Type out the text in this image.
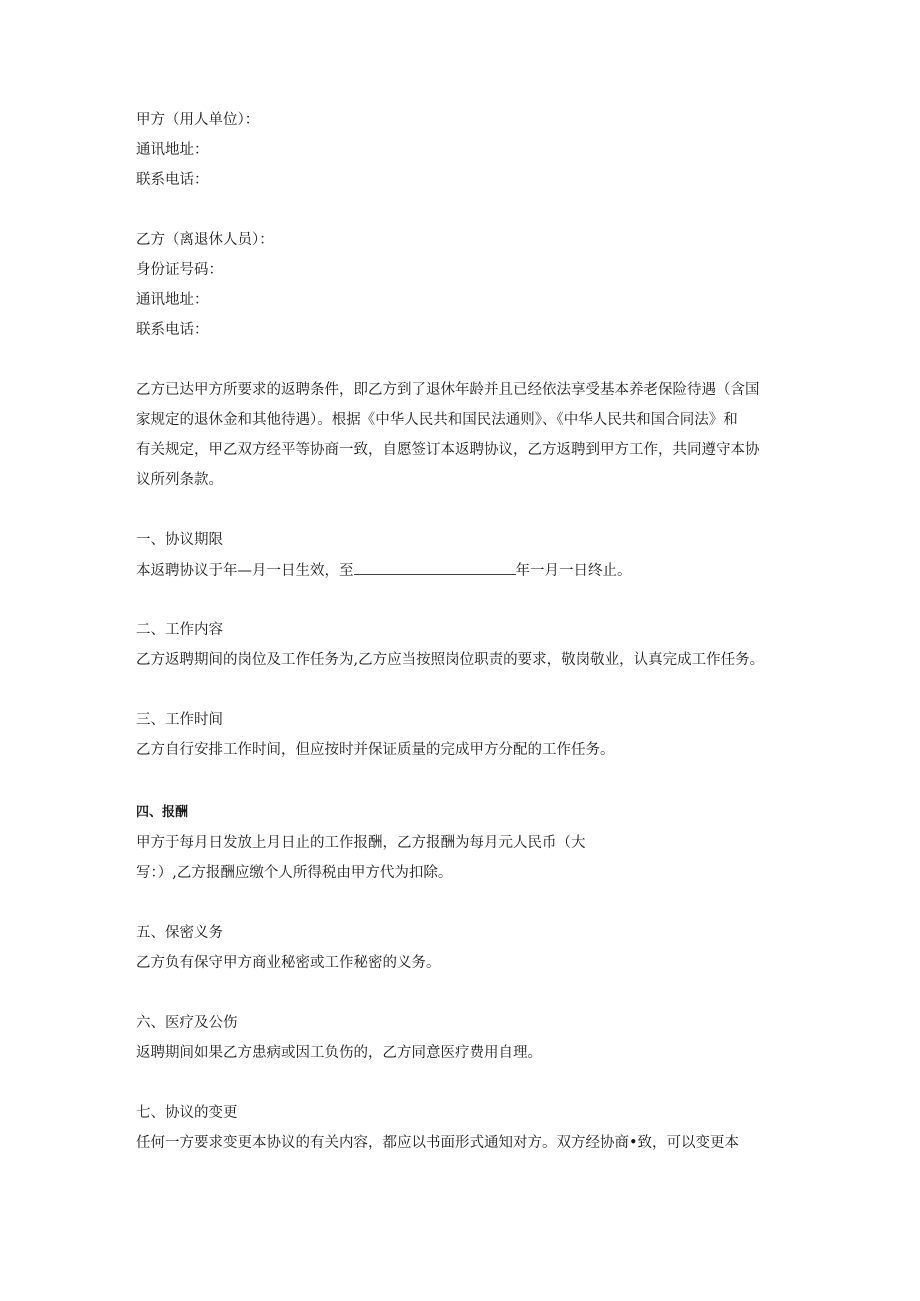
甲方（用人单位）：
通讯地址：
联系电话：
乙方（离退休人员）：
身份证号码：
通讯地址：
联系电话：
乙方已达甲方所要求的返聘条件，即乙方到了退休年龄并且已经依法享受基本养老保险待遇（含国
家规定的退休金和其他待遇）。根据《中华人民共和国民法通则》、《中华人民共和国合同法》和
有关规定，甲乙双方经平等协商一致，自愿签订本返聘协议，乙方返聘到甲方工作，共同遵守本协
议所列条款。
一、协议期限
本返聘协议于年—月一日生效，至	年一月一日终止。
二、工作内容
乙方返聘期间的岗位及工作任务为,乙方应当按照岗位职责的要求，敬岗敬业，认真完成工作任务。
三、工作时间
乙方自行安排工作时间，但应按时并保证质量的完成甲方分配的工作任务。
四、报酬
甲方于每月日发放上月日止的工作报酬，乙方报酬为每月元人民币（大
写：）,乙方报酬应缴个人所得税由甲方代为扣除。
五、保密义务
乙方负有保守甲方商业秘密或工作秘密的义务。
六、医疗及公伤
返聘期间如果乙方患病或因工负伤的，乙方同意医疗费用自理。
七、协议的变更
任何一方要求变更本协议的有关内容，都应以书面形式通知对方。双方经协商•致，可以变更本
